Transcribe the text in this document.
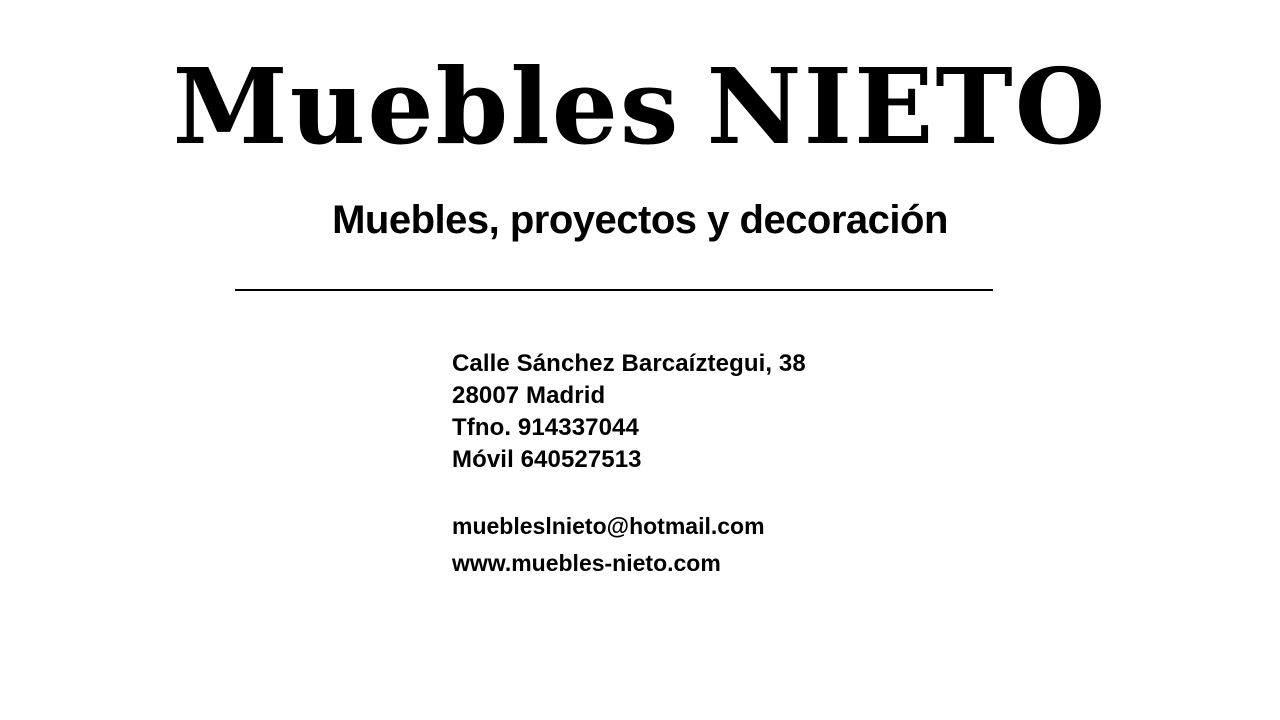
Muebles NIETO
Muebles, proyectos y decoración
Calle Sánchez Barcaíztegui, 38
28007 Madrid
Tfno. 914337044
Móvil 640527513
muebleslnieto@hotmail.com
www.muebles-nieto.com
